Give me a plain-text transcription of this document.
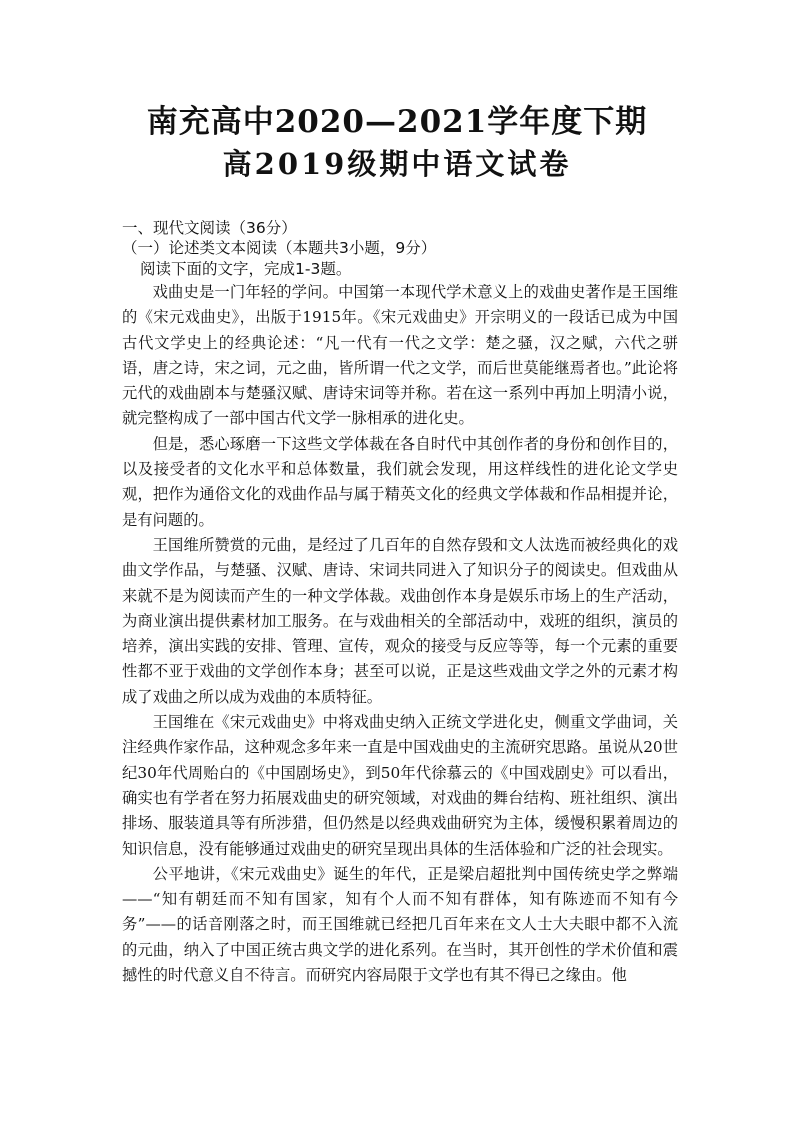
南充高中2020—2021学年度下期
高2019级期中语文试卷
一、现代文阅读（36分）
（一）论述类文本阅读（本题共3小题，9分）
阅读下面的文字，完成1-3题。

戏曲史是一门年轻的学问。中国第一本现代学术意义上的戏曲史著作是王国维的《宋元戏曲史》，出版于1915年。《宋元戏曲史》开宗明义的一段话已成为中国古代文学史上的经典论述：“凡一代有一代之文学：楚之骚，汉之赋，六代之骈语，唐之诗，宋之词，元之曲，皆所谓一代之文学，而后世莫能继焉者也。”此论将元代的戏曲剧本与楚骚汉赋、唐诗宋词等并称。若在这一系列中再加上明清小说，就完整构成了一部中国古代文学一脉相承的进化史。

但是，悉心琢磨一下这些文学体裁在各自时代中其创作者的身份和创作目的，以及接受者的文化水平和总体数量，我们就会发现，用这样线性的进化论文学史观，把作为通俗文化的戏曲作品与属于精英文化的经典文学体裁和作品相提并论，是有问题的。

王国维所赞赏的元曲，是经过了几百年的自然存毁和文人汰选而被经典化的戏曲文学作品，与楚骚、汉赋、唐诗、宋词共同进入了知识分子的阅读史。但戏曲从来就不是为阅读而产生的一种文学体裁。戏曲创作本身是娱乐市场上的生产活动，为商业演出提供素材加工服务。在与戏曲相关的全部活动中，戏班的组织，演员的培养，演出实践的安排、管理、宣传，观众的接受与反应等等，每一个元素的重要性都不亚于戏曲的文学创作本身；甚至可以说，正是这些戏曲文学之外的元素才构成了戏曲之所以成为戏曲的本质特征。

王国维在《宋元戏曲史》中将戏曲史纳入正统文学进化史，侧重文学曲词，关注经典作家作品，这种观念多年来一直是中国戏曲史的主流研究思路。虽说从20世纪30年代周贻白的《中国剧场史》，到50年代徐慕云的《中国戏剧史》可以看出，确实也有学者在努力拓展戏曲史的研究领域，对戏曲的舞台结构、班社组织、演出排场、服装道具等有所涉猎，但仍然是以经典戏曲研究为主体，缓慢积累着周边的知识信息，没有能够通过戏曲史的研究呈现出具体的生活体验和广泛的社会现实。

公平地讲，《宋元戏曲史》诞生的年代，正是梁启超批判中国传统史学之弊端——“知有朝廷而不知有国家，知有个人而不知有群体，知有陈迹而不知有今务”——的话音刚落之时，而王国维就已经把几百年来在文人士大夫眼中都不入流的元曲，纳入了中国正统古典文学的进化系列。在当时，其开创性的学术价值和震撼性的时代意义自不待言。而研究内容局限于文学也有其不得已之缘由。他
